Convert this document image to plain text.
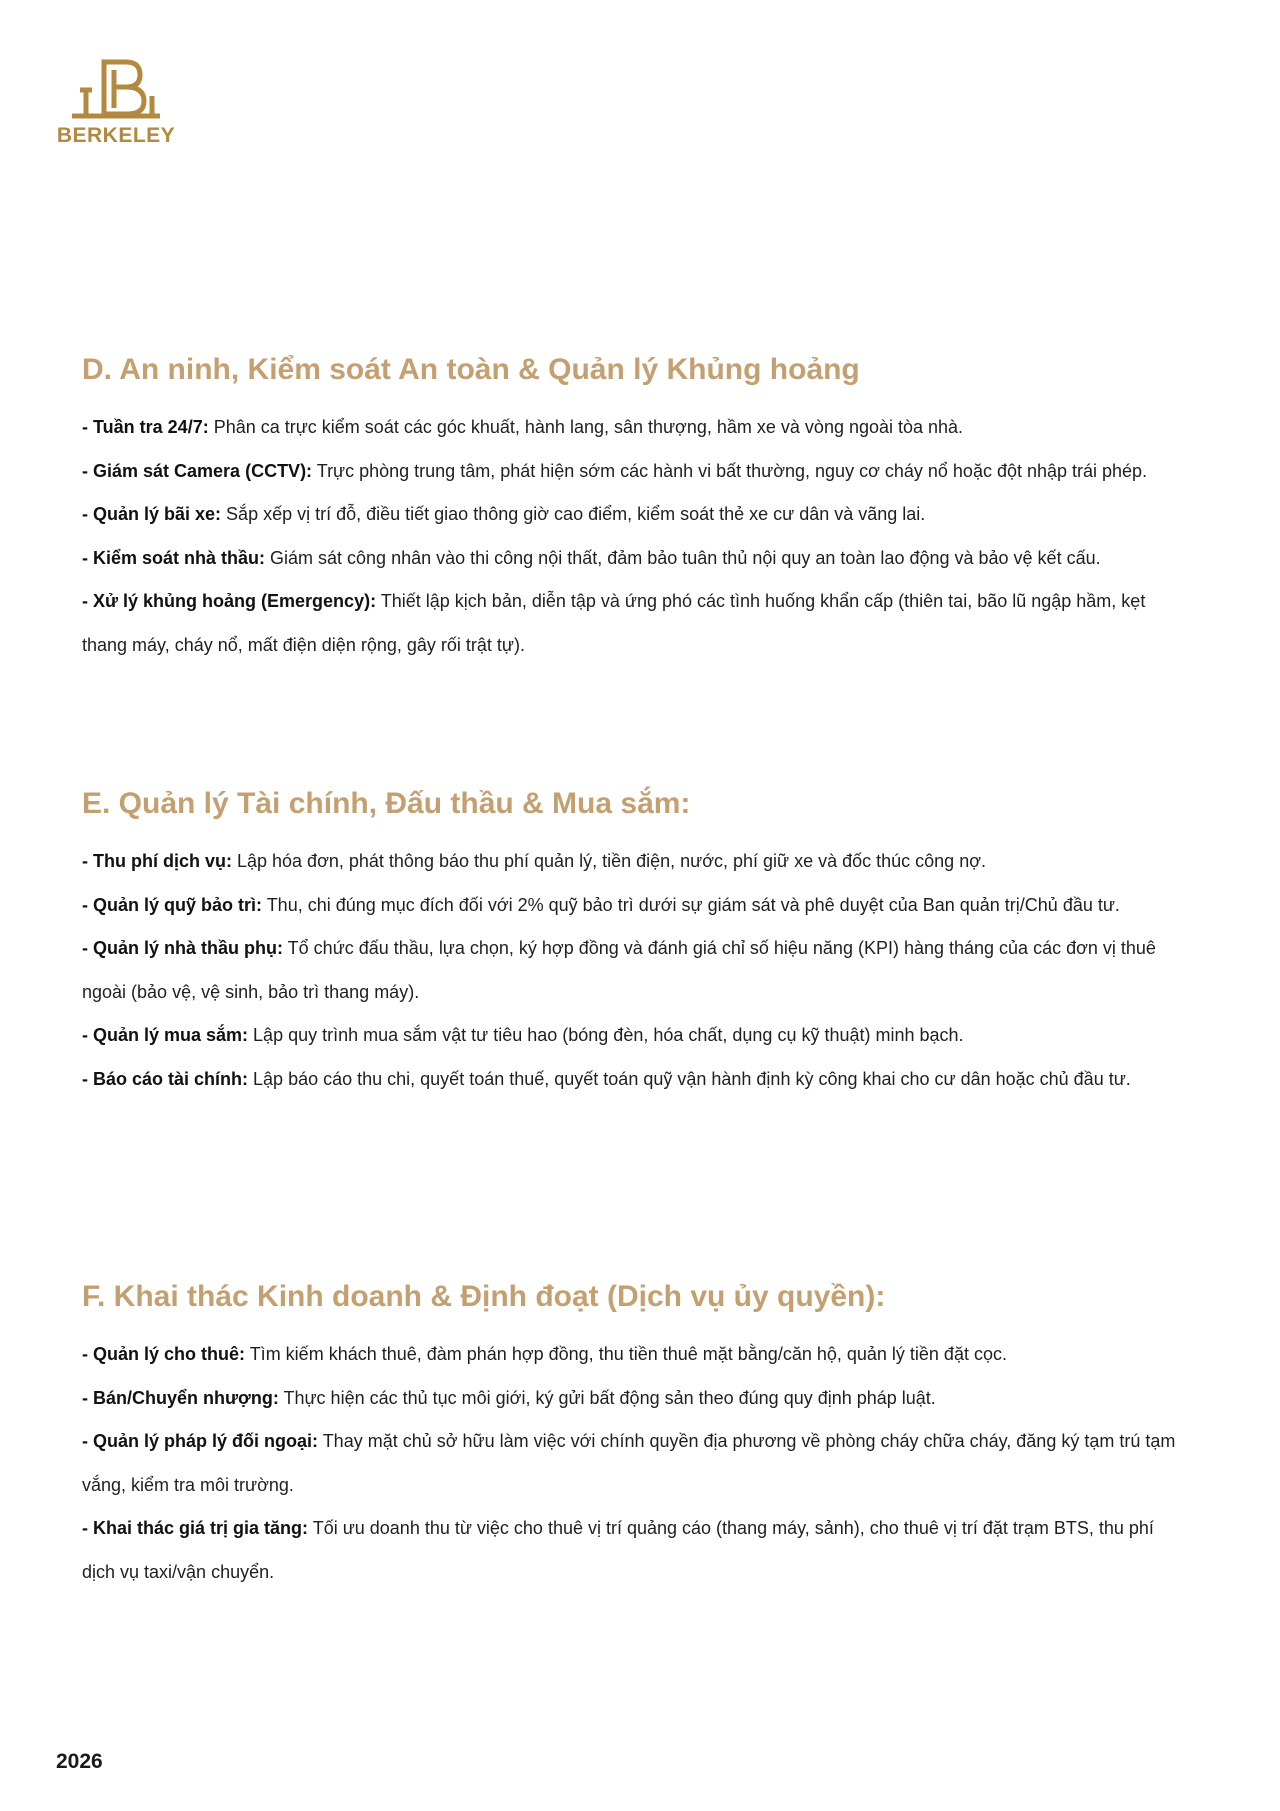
BERKELEY
D. An ninh, Kiểm soát An toàn & Quản lý Khủng hoảng

- Tuần tra 24/7: Phân ca trực kiểm soát các góc khuất, hành lang, sân thượng, hầm xe và vòng ngoài tòa nhà.

- Giám sát Camera (CCTV): Trực phòng trung tâm, phát hiện sớm các hành vi bất thường, nguy cơ cháy nổ hoặc đột nhập trái phép.

- Quản lý bãi xe: Sắp xếp vị trí đỗ, điều tiết giao thông giờ cao điểm, kiểm soát thẻ xe cư dân và vãng lai.

- Kiểm soát nhà thầu: Giám sát công nhân vào thi công nội thất, đảm bảo tuân thủ nội quy an toàn lao động và bảo vệ kết cấu.

- Xử lý khủng hoảng (Emergency): Thiết lập kịch bản, diễn tập và ứng phó các tình huống khẩn cấp (thiên tai, bão lũ ngập hầm, kẹt thang máy, cháy nổ, mất điện diện rộng, gây rối trật tự).

E. Quản lý Tài chính, Đấu thầu & Mua sắm:

- Thu phí dịch vụ: Lập hóa đơn, phát thông báo thu phí quản lý, tiền điện, nước, phí giữ xe và đốc thúc công nợ.

- Quản lý quỹ bảo trì: Thu, chi đúng mục đích đối với 2% quỹ bảo trì dưới sự giám sát và phê duyệt của Ban quản trị/Chủ đầu tư.

- Quản lý nhà thầu phụ: Tổ chức đấu thầu, lựa chọn, ký hợp đồng và đánh giá chỉ số hiệu năng (KPI) hàng tháng của các đơn vị thuê ngoài (bảo vệ, vệ sinh, bảo trì thang máy).

- Quản lý mua sắm: Lập quy trình mua sắm vật tư tiêu hao (bóng đèn, hóa chất, dụng cụ kỹ thuật) minh bạch.

- Báo cáo tài chính: Lập báo cáo thu chi, quyết toán thuế, quyết toán quỹ vận hành định kỳ công khai cho cư dân hoặc chủ đầu tư.

F. Khai thác Kinh doanh & Định đoạt (Dịch vụ ủy quyền):

- Quản lý cho thuê: Tìm kiếm khách thuê, đàm phán hợp đồng, thu tiền thuê mặt bằng/căn hộ, quản lý tiền đặt cọc.

- Bán/Chuyển nhượng: Thực hiện các thủ tục môi giới, ký gửi bất động sản theo đúng quy định pháp luật.

- Quản lý pháp lý đối ngoại: Thay mặt chủ sở hữu làm việc với chính quyền địa phương về phòng cháy chữa cháy, đăng ký tạm trú tạm vắng, kiểm tra môi trường.

- Khai thác giá trị gia tăng: Tối ưu doanh thu từ việc cho thuê vị trí quảng cáo (thang máy, sảnh), cho thuê vị trí đặt trạm BTS, thu phí dịch vụ taxi/vận chuyển.

2026
